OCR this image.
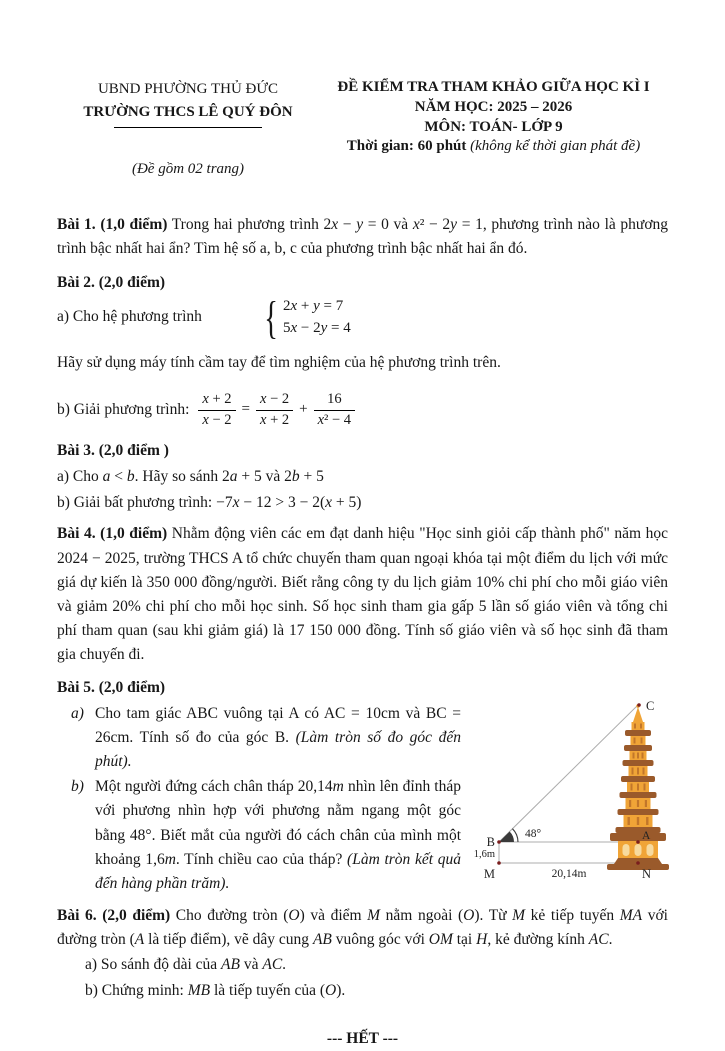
UBND PHƯỜNG THỦ ĐỨC
TRƯỜNG THCS LÊ QUÝ ĐÔN
(Đề gồm 02 trang)
ĐỀ KIỂM TRA THAM KHẢO GIỮA HỌC KÌ I
NĂM HỌC: 2025 – 2026
MÔN: TOÁN- LỚP 9
Thời gian: 60 phút (không kể thời gian phát đề)
Bài 1. (1,0 điểm) Trong hai phương trình 2x − y = 0 và x² − 2y = 1, phương trình nào là phương trình bậc nhất hai ẩn? Tìm hệ số a, b, c của phương trình bậc nhất hai ẩn đó.
Bài 2. (2,0 điểm)
a) Cho hệ phương trình { 2x + y = 7
5x − 2y = 4
Hãy sử dụng máy tính cầm tay để tìm nghiệm của hệ phương trình trên.
b) Giải phương trình: $\frac{x + 2}{x - 2} = \frac{x - 2}{x + 2} + \frac{16}{\text{x² − 4}}$
Bài 3. (2,0 điểm )
a) Cho a < b. Hãy so sánh 2a + 5 và 2b + 5
b) Giải bất phương trình: −7x − 12 > 3 − 2(x + 5)
Bài 4. (1,0 điểm) Nhằm động viên các em đạt danh hiệu "Học sinh giỏi cấp thành phố" năm học 2024 − 2025, trường THCS A tổ chức chuyến tham quan ngoại khóa tại một điểm du lịch với mức giá dự kiến là 350 000 đồng/người. Biết rằng công ty du lịch giảm 10% chi phí cho mỗi giáo viên và giảm 20% chi phí cho mỗi học sinh. Số học sinh tham gia gấp 5 lần số giáo viên và tổng chi phí tham quan (sau khi giảm giá) là 17 150 000 đồng. Tính số giáo viên và số học sinh đã tham gia chuyến đi.
C
B
M	N
A
48°
1,6m
20,14m
Bài 5. (2,0 điểm)
a) Cho tam giác ABC vuông tại A có AC = 10cm và BC = 26cm. Tính số đo của góc B. (Làm tròn số đo góc đến phút).
b) Một người đứng cách chân tháp 20,14m nhìn lên đỉnh tháp với phương nhìn hợp với phương nằm ngang một góc bằng 48°. Biết mắt của người đó cách chân của mình một khoảng 1,6m. Tính chiều cao của tháp? (Làm tròn kết quả đến hàng phần trăm).
Bài 6. (2,0 điểm) Cho đường tròn (O) và điểm M nằm ngoài (O). Từ M kẻ tiếp tuyến MA với đường tròn (A là tiếp điểm), vẽ dây cung AB vuông góc với OM tại H, kẻ đường kính AC.
a) So sánh độ dài của AB và AC.
b) Chứng minh: MB là tiếp tuyến của (O).
--- HẾT ---
